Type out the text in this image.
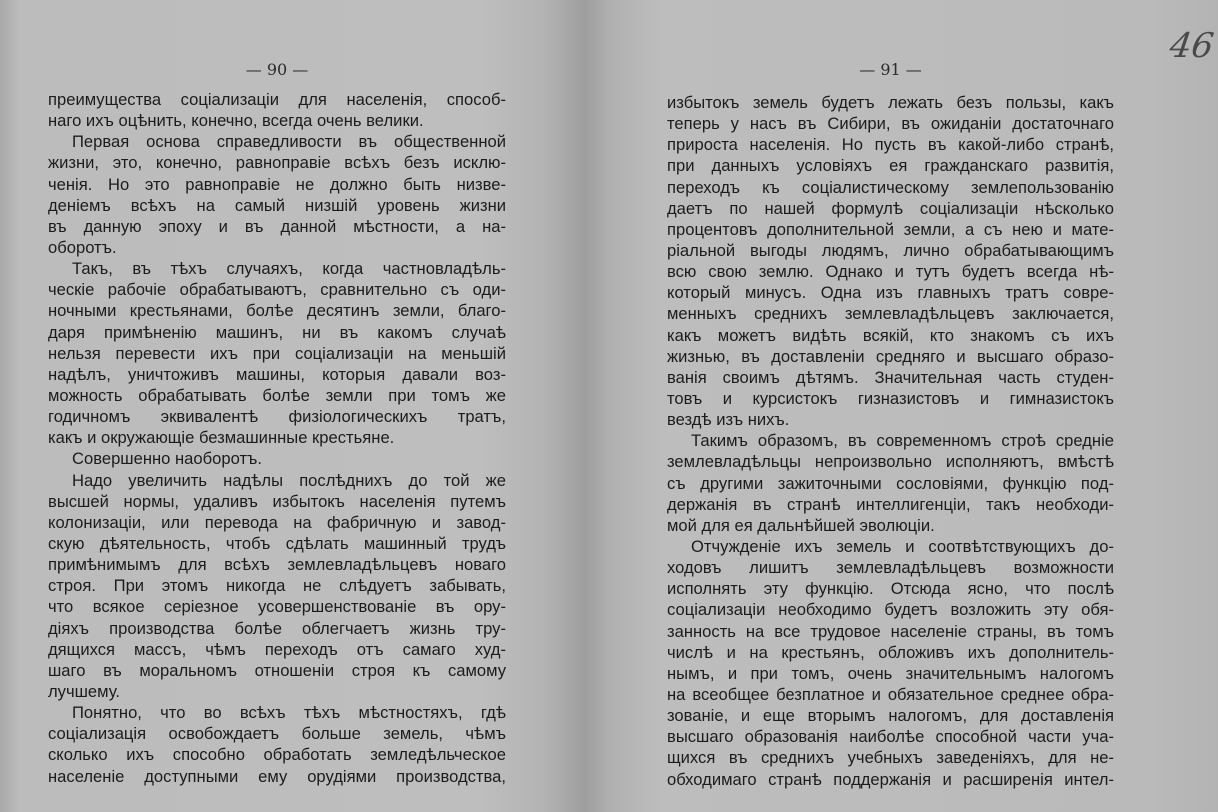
— 90 —
преимущества соціализаціи для населенія, способ-
наго ихъ оцѣнить, конечно, всегда очень велики.
Первая основа справедливости въ общественной
жизни, это, конечно, равноправіе всѣхъ безъ исклю-
ченія. Но это равноправіе не должно быть низве-
деніемъ всѣхъ на самый низшій уровень жизни
въ данную эпоху и въ данной мѣстности, а на-
оборотъ.
Такъ, въ тѣхъ случаяхъ, когда частновладѣль-
ческіе рабочіе обрабатываютъ, сравнительно съ оди-
ночными крестьянами, болѣе десятинъ земли, благо-
даря примѣненію машинъ, ни въ какомъ случаѣ
нельзя перевести ихъ при соціализаціи на меньшій
надѣлъ, уничтоживъ машины, которыя давали воз-
можность обрабатывать болѣе земли при томъ же
годичномъ эквивалентѣ физіологическихъ тратъ,
какъ и окружающіе безмашинные крестьяне.
Совершенно наоборотъ.
Надо увеличить надѣлы послѣднихъ до той же
высшей нормы, удаливъ избытокъ населенія путемъ
колонизаціи, или перевода на фабричную и завод-
скую дѣятельность, чтобъ сдѣлать машинный трудъ
примѣнимымъ для всѣхъ землевладѣльцевъ новаго
строя. При этомъ никогда не слѣдуетъ забывать,
что всякое серіезное усовершенствованіе въ ору-
діяхъ производства болѣе облегчаетъ жизнь тру-
дящихся массъ, чѣмъ переходъ отъ самаго худ-
шаго въ моральномъ отношеніи строя къ самому
лучшему.
Понятно, что во всѣхъ тѣхъ мѣстностяхъ, гдѣ
соціализація освобождаетъ больше земель, чѣмъ
сколько ихъ способно обработать земледѣльческое
населеніе доступными ему орудіями производства,
— 91 —
избытокъ земель будетъ лежать безъ пользы, какъ
теперь у насъ въ Сибири, въ ожиданіи достаточнаго
прироста населенія. Но пусть въ какой-либо странѣ,
при данныхъ условіяхъ ея гражданскаго развитія,
переходъ къ соціалистическому землепользованію
даетъ по нашей формулѣ соціализаціи нѣсколько
процентовъ дополнительной земли, а съ нею и мате-
ріальной выгоды людямъ, лично обрабатывающимъ
всю свою землю. Однако и тутъ будетъ всегда нѣ-
который минусъ. Одна изъ главныхъ тратъ совре-
менныхъ среднихъ землевладѣльцевъ заключается,
какъ можетъ видѣть всякій, кто знакомъ съ ихъ
жизнью, въ доставленіи средняго и высшаго образо-
ванія своимъ дѣтямъ. Значительная часть студен-
товъ и курсистокъ гизназистовъ и гимназистокъ
вездѣ изъ нихъ.
Такимъ образомъ, въ современномъ строѣ средніе
землевладѣльцы непроизвольно исполняютъ, вмѣстѣ
съ другими зажиточными сословіями, функцію под-
держанія въ странѣ интеллигенціи, такъ необходи-
мой для ея дальнѣйшей эволюціи.
Отчужденіе ихъ земель и соотвѣтствующихъ до-
ходовъ лишитъ землевладѣльцевъ возможности
исполнять эту функцію. Отсюда ясно, что послѣ
соціализаціи необходимо будетъ возложить эту обя-
занность на все трудовое населеніе страны, въ томъ
числѣ и на крестьянъ, обложивъ ихъ дополнитель-
нымъ, и при томъ, очень значительнымъ налогомъ
на всеобщее безплатное и обязательное среднее обра-
зованіе, и еще вторымъ налогомъ, для доставленія
высшаго образованія наиболѣе способной части уча-
щихся въ среднихъ учебныхъ заведеніяхъ, для не-
обходимаго странѣ поддержанія и расширенія интел-
46
